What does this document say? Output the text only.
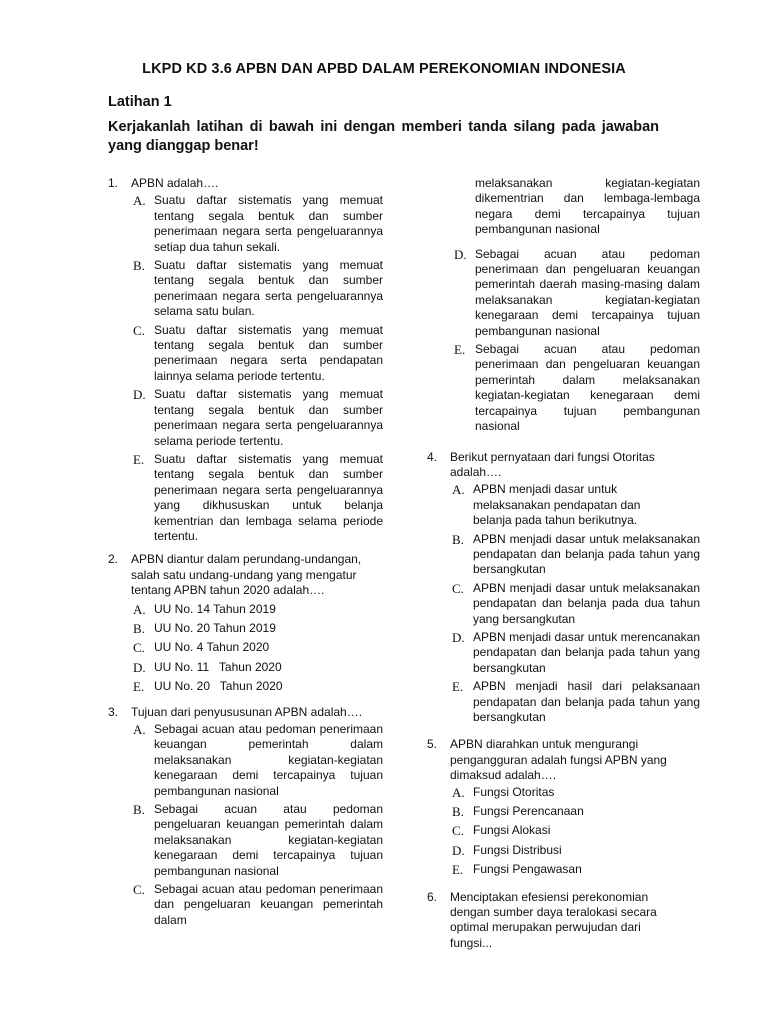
LKPD KD 3.6 APBN DAN APBD DALAM PEREKONOMIAN INDONESIA
Latihan 1
Kerjakanlah latihan di bawah ini dengan memberi tanda silang pada jawaban yang dianggap benar!
1. APBN adalah….
A. Suatu daftar sistematis yang memuat tentang segala bentuk dan sumber penerimaan negara serta pengeluarannya setiap dua tahun sekali.
B. Suatu daftar sistematis yang memuat tentang segala bentuk dan sumber penerimaan negara serta pengeluarannya selama satu bulan.
C. Suatu daftar sistematis yang memuat tentang segala bentuk dan sumber penerimaan negara serta pendapatan lainnya selama periode tertentu.
D. Suatu daftar sistematis yang memuat tentang segala bentuk dan sumber penerimaan negara serta pengeluarannya selama periode tertentu.
E. Suatu daftar sistematis yang memuat tentang segala bentuk dan sumber penerimaan negara serta pengeluarannya yang dikhususkan untuk belanja kementrian dan lembaga selama periode tertentu.
2. APBN diantur dalam perundang-undangan, salah satu undang-undang yang mengatur tentang APBN tahun 2020 adalah….
A. UU No. 14 Tahun 2019
B. UU No. 20 Tahun 2019
C. UU No. 4 Tahun 2020
D. UU No. 11   Tahun 2020
E. UU No. 20   Tahun 2020
3. Tujuan dari penyususunan APBN adalah….
A. Sebagai acuan atau pedoman penerimaan keuangan pemerintah dalam melaksanakan kegiatan-kegiatan kenegaraan demi tercapainya tujuan pembangunan nasional
B. Sebagai acuan atau pedoman pengeluaran keuangan pemerintah dalam melaksanakan kegiatan-kegiatan kenegaraan demi tercapainya tujuan pembangunan nasional
C. Sebagai acuan atau pedoman penerimaan dan pengeluaran keuangan pemerintah dalam
melaksanakan kegiatan-kegiatan dikementrian dan lembaga-lembaga negara demi tercapainya tujuan pembangunan nasional
D. Sebagai acuan atau pedoman penerimaan dan pengeluaran keuangan pemerintah daerah masing-masing dalam melaksanakan kegiatan-kegiatan kenegaraan demi tercapainya tujuan pembangunan nasional
E. Sebagai acuan atau pedoman penerimaan dan pengeluaran keuangan pemerintah dalam melaksanakan kegiatan-kegiatan kenegaraan demi tercapainya tujuan pembangunan nasional
4. Berikut pernyataan dari fungsi Otoritas adalah….
A. APBN menjadi dasar untuk melaksanakan pendapatan dan belanja pada tahun berikutnya.
B. APBN menjadi dasar untuk melaksanakan pendapatan dan belanja pada tahun yang bersangkutan
C. APBN menjadi dasar untuk melaksanakan pendapatan dan belanja pada dua tahun yang bersangkutan
D. APBN menjadi dasar untuk merencanakan pendapatan dan belanja pada tahun yang bersangkutan
E. APBN menjadi hasil dari pelaksanaan pendapatan dan belanja pada tahun yang bersangkutan
5. APBN diarahkan untuk mengurangi pengangguran adalah fungsi APBN yang dimaksud adalah….
A. Fungsi Otoritas
B. Fungsi Perencanaan
C. Fungsi Alokasi
D. Fungsi Distribusi
E. Fungsi Pengawasan
6. Menciptakan efesiensi perekonomian dengan sumber daya teralokasi secara optimal merupakan perwujudan dari fungsi...
